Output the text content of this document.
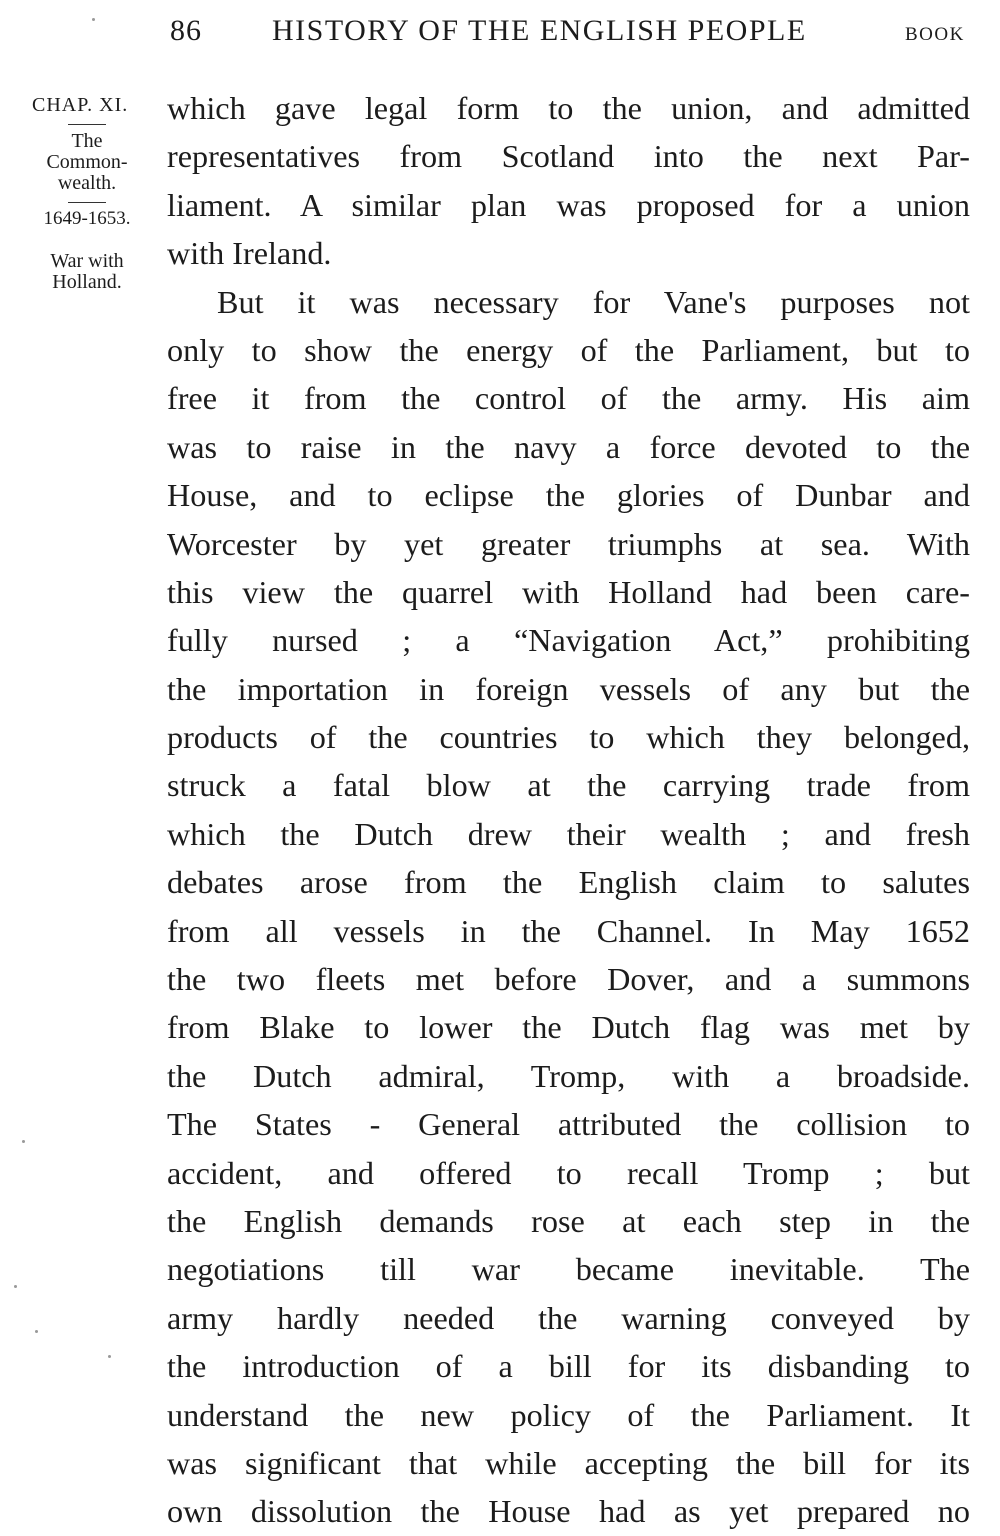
86 HISTORY OF THE ENGLISH PEOPLE	BOOK
CHAP. XI.
The
Common-
wealth.
1649-1653.
War with
Holland.
which gave legal form to the union, and admitted
representatives from Scotland into the next Par-
liament. A similar plan was proposed for a union
with Ireland.
But it was necessary for Vane's purposes not
only to show the energy of the Parliament, but to
free it from the control of the army. His aim
was to raise in the navy a force devoted to the
House, and to eclipse the glories of Dunbar and
Worcester by yet greater triumphs at sea. With
this view the quarrel with Holland had been care-
fully nursed ; a “Navigation Act,” prohibiting
the importation in foreign vessels of any but the
products of the countries to which they belonged,
struck a fatal blow at the carrying trade from
which the Dutch drew their wealth ; and fresh
debates arose from the English claim to salutes
from all vessels in the Channel. In May 1652
the two fleets met before Dover, and a summons
from Blake to lower the Dutch flag was met by
the Dutch admiral, Tromp, with a broadside.
The States - General attributed the collision to
accident, and offered to recall Tromp ; but
the English demands rose at each step in the
negotiations till war became inevitable. The
army hardly needed the warning conveyed by
the introduction of a bill for its disbanding to
understand the new policy of the Parliament. It
was significant that while accepting the bill for its
own dissolution the House had as yet prepared no
